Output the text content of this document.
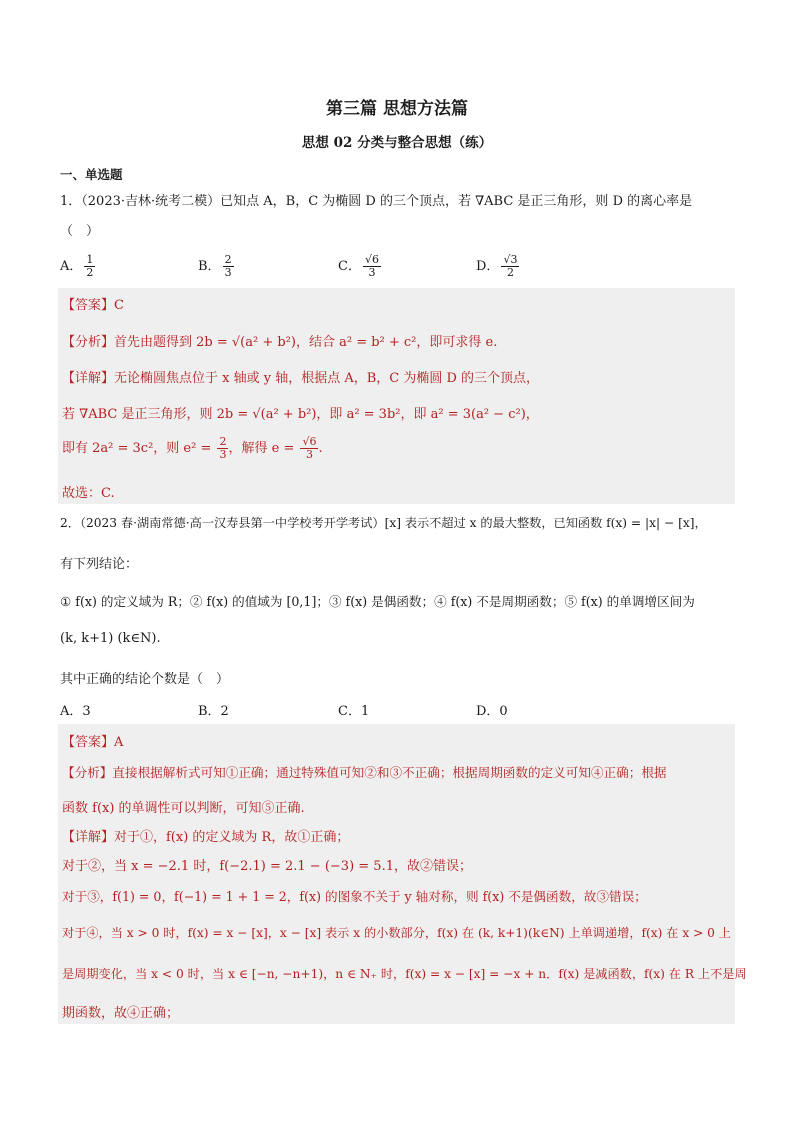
第三篇 思想方法篇
思想 02 分类与整合思想（练）
一、单选题
1．（2023·吉林·统考二模）已知点 A，B，C 为椭圆 D 的三个顶点，若 ∇ABC 是正三角形，则 D 的离心率是
（　）
A． $\frac{1}{2}$	B． $\frac{2}{3}$	C． $\frac{√6}{3}$	D． $\frac{√3}{2}$
【答案】C
【分析】首先由题得到 2b = √(a² + b²)，结合 a² = b² + c²，即可求得 e.
【详解】无论椭圆焦点位于 x 轴或 y 轴，根据点 A，B，C 为椭圆 D 的三个顶点，
若 ∇ABC 是正三角形，则 2b = √(a² + b²)，即 a² = 3b²，即 a² = 3(a² − c²)，
即有 2a² = 3c²，则 $e^2 = \frac{2}{3}$ ，解得 $e = \frac{√6}{3}$ .
故选：C.
2．（2023 春·湖南常德·高一汉寿县第一中学校考开学考试）[x] 表示不超过 x 的最大整数，已知函数 f(x) = |x| − [x]，
有下列结论：
① f(x) 的定义域为 R；② f(x) 的值域为 [0,1]；③ f(x) 是偶函数；④ f(x) 不是周期函数；⑤ f(x) 的单调增区间为
(k, k+1) (k∈N).
其中正确的结论个数是（　）
A．3	B．2	C．1	D．0
【答案】A
【分析】直接根据解析式可知①正确；通过特殊值可知②和③不正确；根据周期函数的定义可知④正确；根据
函数 f(x) 的单调性可以判断，可知⑤正确.
【详解】对于①，f(x) 的定义域为 R，故①正确；
对于②，当 x = −2.1 时，f(−2.1) = 2.1 − (−3) = 5.1，故②错误；
对于③，f(1) = 0，f(−1) = 1 + 1 = 2，f(x) 的图象不关于 y 轴对称，则 f(x) 不是偶函数，故③错误；
对于④，当 x > 0 时，f(x) = x − [x]，x − [x] 表示 x 的小数部分，f(x) 在 (k, k+1)(k∈N) 上单调递增，f(x) 在 x > 0 上
是周期变化，当 x < 0 时，当 x ∈ [−n, −n+1)，n ∈ N₊ 时，f(x) = x − [x] = −x + n．f(x) 是减函数，f(x) 在 R 上不是周
期函数，故④正确；
